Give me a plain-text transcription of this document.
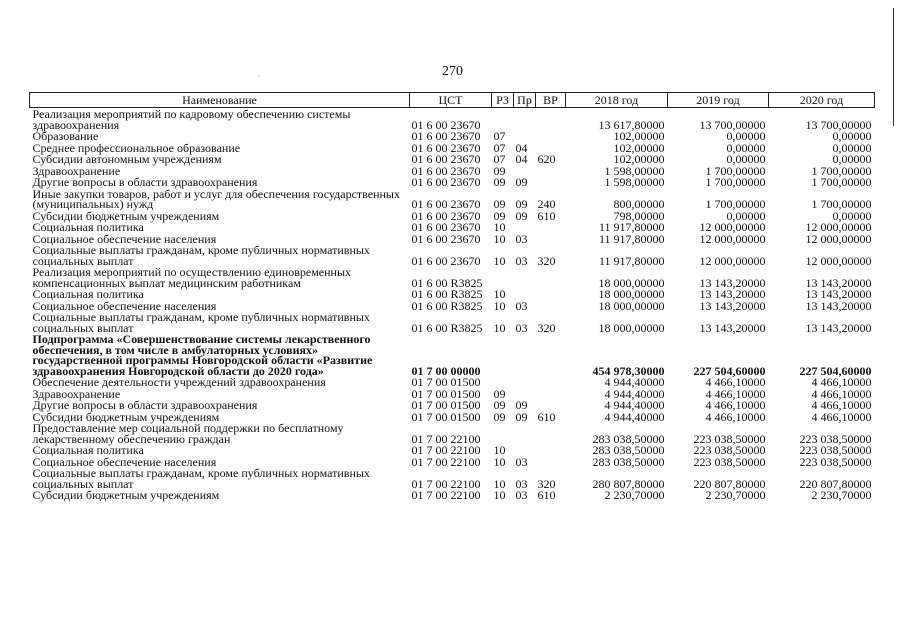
270
ˏ
Наименование	ЦСТ	РЗ	Пр	ВР	2018 год	2019 год	2020 год
Реализация мероприятий по кадровому обеспечению системы здравоохранения	01 6 00 23670				13 617,80000	13 700,00000	13 700,00000
Образование	01 6 00 23670	07			102,00000	0,00000	0,00000
Среднее профессиональное образование	01 6 00 23670	07	04		102,00000	0,00000	0,00000
Субсидии автономным учреждениям	01 6 00 23670	07	04	620	102,00000	0,00000	0,00000
Здравоохранение	01 6 00 23670	09			1 598,00000	1 700,00000	1 700,00000
Другие вопросы в области здравоохранения	01 6 00 23670	09	09		1 598,00000	1 700,00000	1 700,00000
Иные закупки товаров, работ и услуг для обеспечения государственных (муниципальных) нужд	01 6 00 23670	09	09	240	800,00000	1 700,00000	1 700,00000
Субсидии бюджетным учреждениям	01 6 00 23670	09	09	610	798,00000	0,00000	0,00000
Социальная политика	01 6 00 23670	10			11 917,80000	12 000,00000	12 000,00000
Социальное обеспечение населения	01 6 00 23670	10	03		11 917,80000	12 000,00000	12 000,00000
Социальные выплаты гражданам, кроме публичных нормативных социальных выплат	01 6 00 23670	10	03	320	11 917,80000	12 000,00000	12 000,00000
Реализация мероприятий по осуществлению единовременных компенсационных выплат медицинским работникам	01 6 00 R3825				18 000,00000	13 143,20000	13 143,20000
Социальная политика	01 6 00 R3825	10			18 000,00000	13 143,20000	13 143,20000
Социальное обеспечение населения	01 6 00 R3825	10	03		18 000,00000	13 143,20000	13 143,20000
Социальные выплаты гражданам, кроме публичных нормативных социальных выплат	01 6 00 R3825	10	03	320	18 000,00000	13 143,20000	13 143,20000
Подпрограмма «Совершенствование системы лекарственного обеспечения, в том числе в амбулаторных условиях» государственной программы Новгородской области «Развитие здравоохранения Новгородской области до 2020 года»	01 7 00 00000				454 978,30000	227 504,60000	227 504,60000
Обеспечение деятельности учреждений здравоохранения	01 7 00 01500				4 944,40000	4 466,10000	4 466,10000
Здравоохранение	01 7 00 01500	09			4 944,40000	4 466,10000	4 466,10000
Другие вопросы в области здравоохранения	01 7 00 01500	09	09		4 944,40000	4 466,10000	4 466,10000
Субсидии бюджетным учреждениям	01 7 00 01500	09	09	610	4 944,40000	4 466,10000	4 466,10000
Предоставление мер социальной поддержки по бесплатному лекарственному обеспечению граждан	01 7 00 22100				283 038,50000	223 038,50000	223 038,50000
Социальная политика	01 7 00 22100	10			283 038,50000	223 038,50000	223 038,50000
Социальное обеспечение населения	01 7 00 22100	10	03		283 038,50000	223 038,50000	223 038,50000
Социальные выплаты гражданам, кроме публичных нормативных социальных выплат	01 7 00 22100	10	03	320	280 807,80000	220 807,80000	220 807,80000
Субсидии бюджетным учреждениям	01 7 00 22100	10	03	610	2 230,70000	2 230,70000	2 230,70000
